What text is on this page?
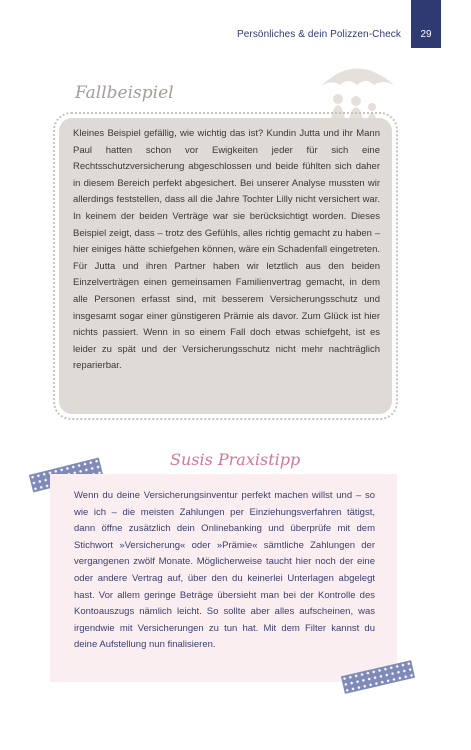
Persönliches & dein Polizzen-Check	29
Fallbeispiel

Kleines Beispiel gefällig, wie wichtig das ist? Kundin Jutta und ihr Mann Paul hatten schon vor Ewigkeiten jeder für sich eine Rechtsschutzversicherung abgeschlossen und beide fühlten sich daher in diesem Bereich perfekt abgesichert. Bei unserer Analyse mussten wir allerdings feststellen, dass all die Jahre Tochter Lilly nicht versichert war. In keinem der beiden Verträge war sie berücksichtigt worden. Dieses Beispiel zeigt, dass – trotz des Gefühls, alles richtig gemacht zu haben – hier einiges hätte schiefgehen können, wäre ein Schadenfall eingetreten. Für Jutta und ihren Partner haben wir letztlich aus den beiden Einzelverträgen einen gemeinsamen Familienvertrag gemacht, in dem alle Personen erfasst sind, mit besserem Versicherungsschutz und insgesamt sogar einer günstigeren Prämie als davor. Zum Glück ist hier nichts passiert. Wenn in so einem Fall doch etwas schiefgeht, ist es leider zu spät und der Versicherungsschutz nicht mehr nachträglich reparierbar.

Susis Praxistipp

Wenn du deine Versicherungsinventur perfekt machen willst und – so wie ich – die meisten Zahlungen per Einziehungsverfahren tätigst, dann öffne zusätzlich dein Onlinebanking und überprüfe mit dem Stichwort »Versicherung« oder »Prämie« sämtliche Zahlungen der vergangenen zwölf Monate. Möglicherweise taucht hier noch der eine oder andere Vertrag auf, über den du keinerlei Unterlagen abgelegt hast. Vor allem geringe Beträge übersieht man bei der Kontrolle des Kontoauszugs nämlich leicht. So sollte aber alles aufscheinen, was irgendwie mit Versicherungen zu tun hat. Mit dem Filter kannst du deine Aufstellung nun finalisieren.
